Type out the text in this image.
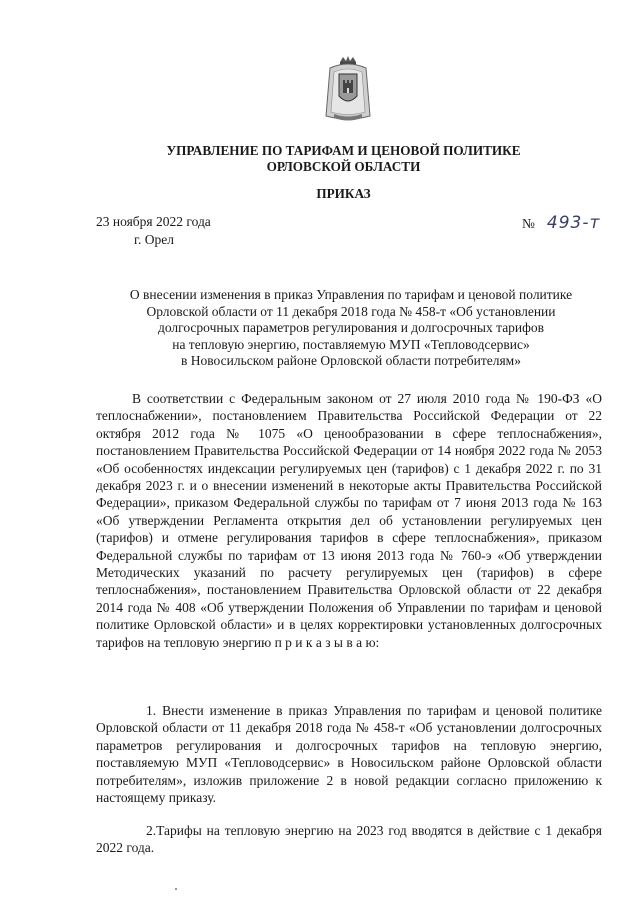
УПРАВЛЕНИЕ ПО ТАРИФАМ И ЦЕНОВОЙ ПОЛИТИКЕ
ОРЛОВСКОЙ ОБЛАСТИ
ПРИКАЗ
23 ноября 2022 года
г. Орел
№ 493-т
О внесении изменения в приказ Управления по тарифам и ценовой политике
Орловской области от 11 декабря 2018 года № 458-т «Об установлении
долгосрочных параметров регулирования и долгосрочных тарифов
на тепловую энергию, поставляемую МУП «Тепловодсервис»
в Новосильском районе Орловской области потребителям»
В соответствии с Федеральным законом от 27 июля 2010 года № 190-ФЗ «О теплоснабжении», постановлением Правительства Российской Федерации от 22 октября 2012 года № 1075 «О ценообразовании в сфере теплоснабжения», постановлением Правительства Российской Федерации от 14 ноября 2022 года № 2053 «Об особенностях индексации регулируемых цен (тарифов) с 1 декабря 2022 г. по 31 декабря 2023 г. и о внесении изменений в некоторые акты Правительства Российской Федерации», приказом Федеральной службы по тарифам от 7 июня 2013 года № 163 «Об утверждении Регламента открытия дел об установлении регулируемых цен (тарифов) и отмене регулирования тарифов в сфере теплоснабжения», приказом Федеральной службы по тарифам от 13 июня 2013 года № 760-э «Об утверждении Методических указаний по расчету регулируемых цен (тарифов) в сфере теплоснабжения», постановлением Правительства Орловской области от 22 декабря 2014 года № 408 «Об утверждении Положения об Управлении по тарифам и ценовой политике Орловской области» и в целях корректировки установленных долгосрочных тарифов на тепловую энергию п р и к а з ы в а ю:
1. Внести изменение в приказ Управления по тарифам и ценовой политике Орловской области от 11 декабря 2018 года № 458-т «Об установлении долгосрочных параметров регулирования и долгосрочных тарифов на тепловую энергию, поставляемую МУП «Тепловодсервис» в Новосильском районе Орловской области потребителям», изложив приложение 2 в новой редакции согласно приложению к настоящему приказу.
2.Тарифы на тепловую энергию на 2023 год вводятся в действие с 1 декабря 2022 года.
